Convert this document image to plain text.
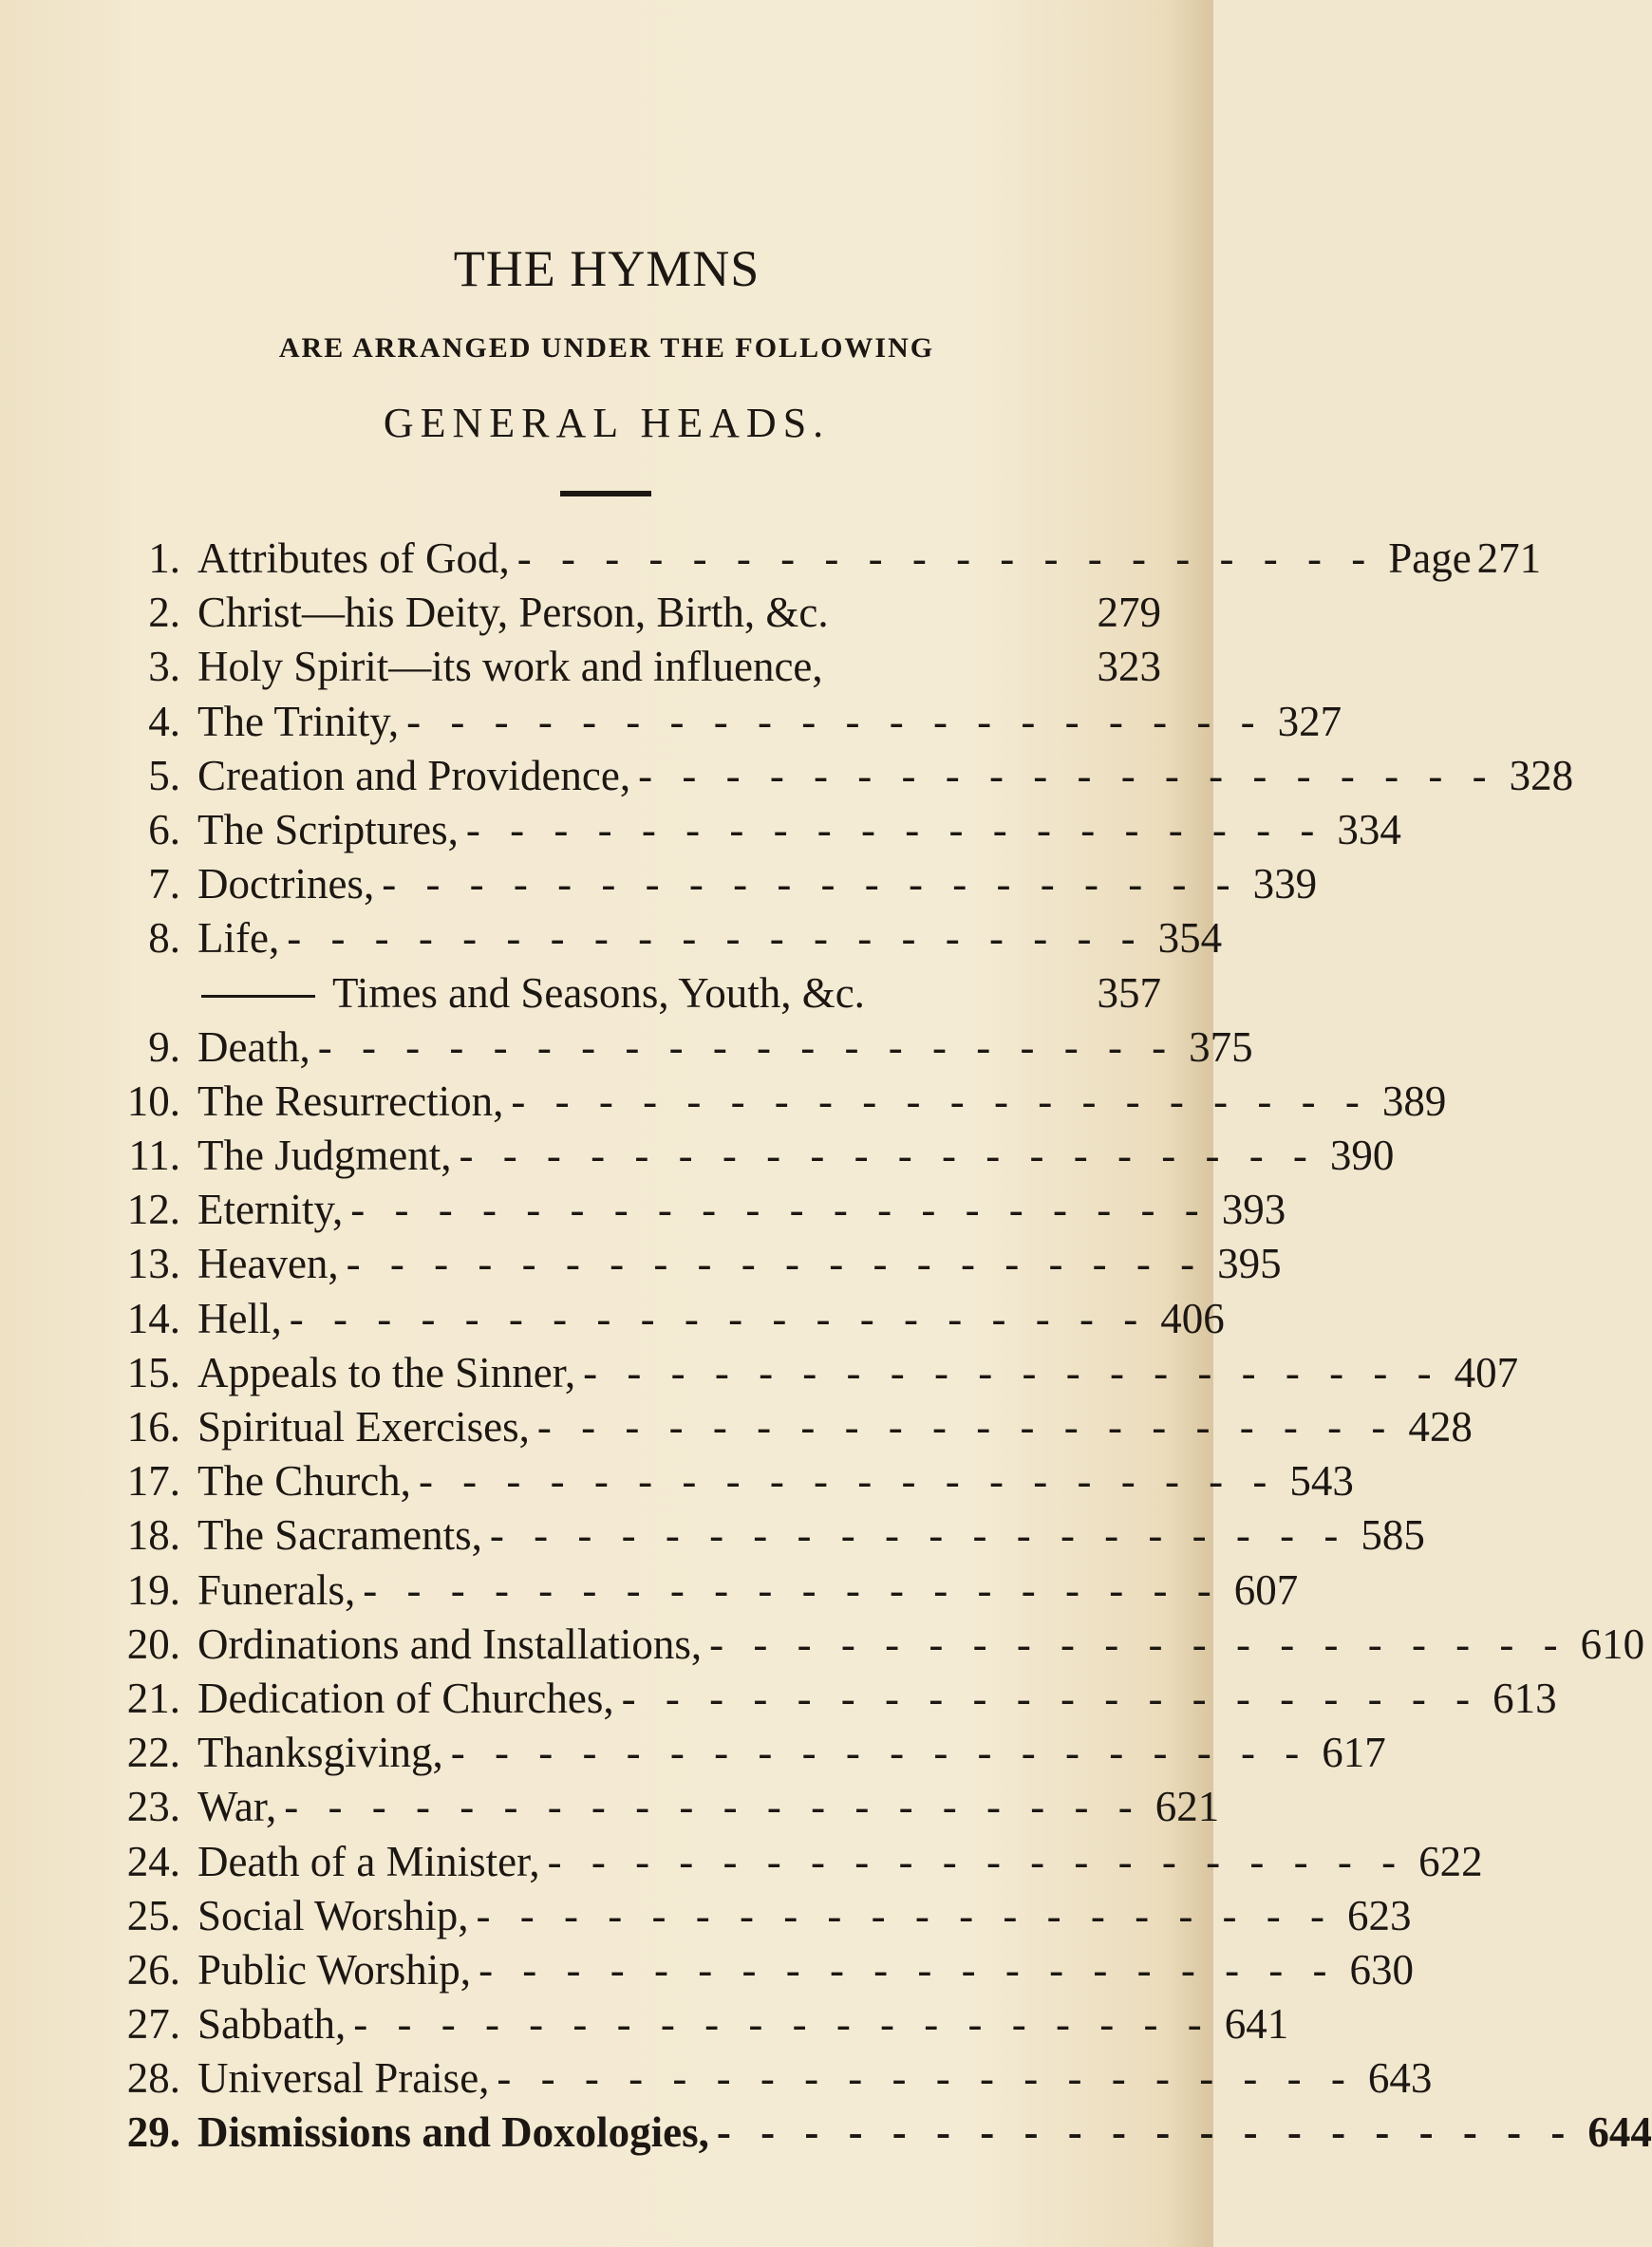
THE HYMNS
ARE ARRANGED UNDER THE FOLLOWING
GENERAL HEADS.
1. Attributes of God, - - - - - - - - - - - - - - - - - - - - Page 271
2. Christ—his Deity, Person, Birth, &c.	279
3. Holy Spirit—its work and influence,	323
4. The Trinity, - - - - - - - - - - - - - - - - - - - - 327
5. Creation and Providence, - - - - - - - - - - - - - - - - - - - - 328
6. The Scriptures, - - - - - - - - - - - - - - - - - - - - 334
7. Doctrines, - - - - - - - - - - - - - - - - - - - - 339
8. Life, - - - - - - - - - - - - - - - - - - - - 354
Times and Seasons, Youth, &c.	357
9. Death, - - - - - - - - - - - - - - - - - - - - 375
10. The Resurrection, - - - - - - - - - - - - - - - - - - - - 389
11. The Judgment, - - - - - - - - - - - - - - - - - - - - 390
12. Eternity, - - - - - - - - - - - - - - - - - - - - 393
13. Heaven, - - - - - - - - - - - - - - - - - - - - 395
14. Hell, - - - - - - - - - - - - - - - - - - - - 406
15. Appeals to the Sinner, - - - - - - - - - - - - - - - - - - - - 407
16. Spiritual Exercises, - - - - - - - - - - - - - - - - - - - - 428
17. The Church, - - - - - - - - - - - - - - - - - - - - 543
18. The Sacraments, - - - - - - - - - - - - - - - - - - - - 585
19. Funerals, - - - - - - - - - - - - - - - - - - - - 607
20. Ordinations and Installations, - - - - - - - - - - - - - - - - - - - - 610
21. Dedication of Churches, - - - - - - - - - - - - - - - - - - - - 613
22. Thanksgiving, - - - - - - - - - - - - - - - - - - - - 617
23. War, - - - - - - - - - - - - - - - - - - - - 621
24. Death of a Minister, - - - - - - - - - - - - - - - - - - - - 622
25. Social Worship, - - - - - - - - - - - - - - - - - - - - 623
26. Public Worship, - - - - - - - - - - - - - - - - - - - - 630
27. Sabbath, - - - - - - - - - - - - - - - - - - - - 641
28. Universal Praise, - - - - - - - - - - - - - - - - - - - - 643
29. Dismissions and Doxologies, - - - - - - - - - - - - - - - - - - - - 644
